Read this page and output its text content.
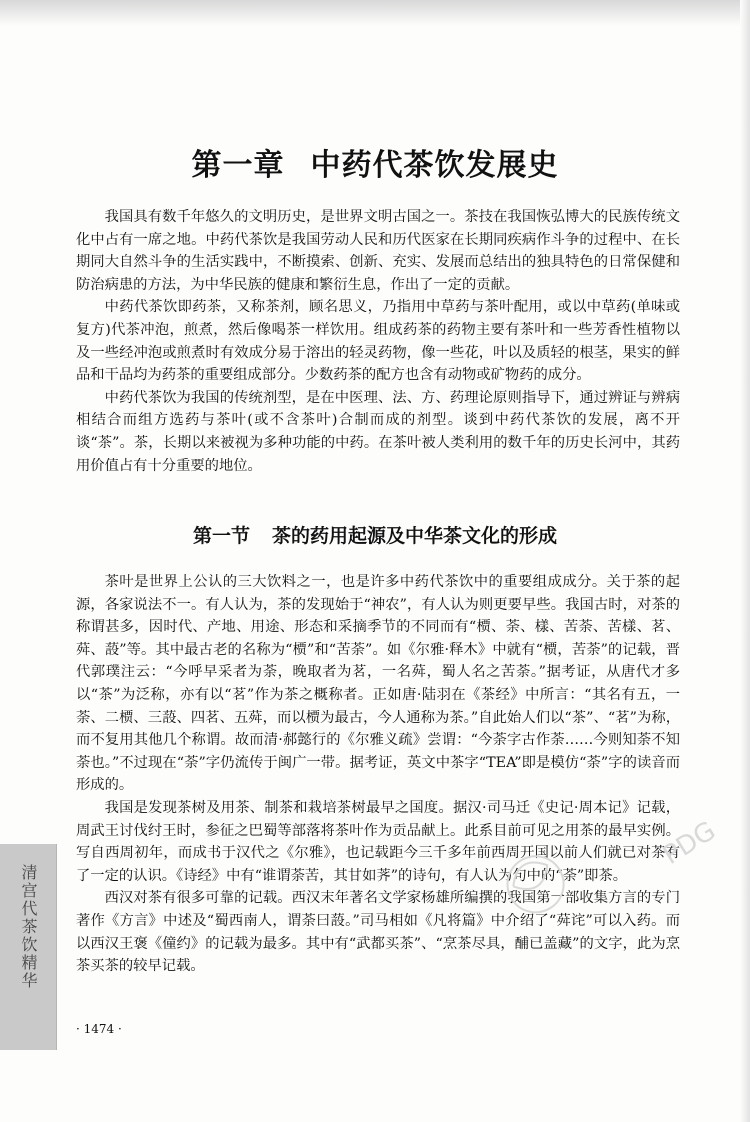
第一章 中药代茶饮发展史

我国具有数千年悠久的文明历史，是世界文明古国之一。茶技在我国恢弘博大的民族传统文化中占有一席之地。中药代茶饮是我国劳动人民和历代医家在长期同疾病作斗争的过程中、在长期同大自然斗争的生活实践中，不断摸索、创新、充实、发展而总结出的独具特色的日常保健和防治病患的方法，为中华民族的健康和繁衍生息，作出了一定的贡献。

中药代茶饮即药茶，又称茶剂，顾名思义，乃指用中草药与茶叶配用，或以中草药(单味或复方)代茶冲泡，煎煮，然后像喝茶一样饮用。组成药茶的药物主要有茶叶和一些芳香性植物以及一些经冲泡或煎煮时有效成分易于溶出的轻灵药物，像一些花，叶以及质轻的根茎，果实的鲜品和干品均为药茶的重要组成部分。少数药茶的配方也含有动物或矿物药的成分。

中药代茶饮为我国的传统剂型，是在中医理、法、方、药理论原则指导下，通过辨证与辨病相结合而组方选药与茶叶(或不含茶叶)合制而成的剂型。谈到中药代茶饮的发展，离不开谈“茶”。茶，长期以来被视为多种功能的中药。在茶叶被人类利用的数千年的历史长河中，其药用价值占有十分重要的地位。

第一节 茶的药用起源及中华茶文化的形成

茶叶是世界上公认的三大饮料之一，也是许多中药代茶饮中的重要组成成分。关于茶的起源，各家说法不一。有人认为，茶的发现始于“神农”，有人认为则更要早些。我国古时，对茶的称谓甚多，因时代、产地、用途、形态和采摘季节的不同而有“槚、荼、樣、苦荼、苦樣、茗、荈、蔎”等。其中最古老的名称为“槚”和“苦荼”。如《尔雅·释木》中就有“槚，苦荼”的记载，晋代郭璞注云：“今呼早采者为荼，晚取者为茗，一名荈，蜀人名之苦荼。”据考证，从唐代才多以“茶”为泛称，亦有以“茗”作为茶之概称者。正如唐·陆羽在《茶经》中所言：“其名有五，一荼、二槚、三蔎、四茗、五荈，而以槚为最古，今人通称为茶。”自此始人们以“茶”、“茗”为称，而不复用其他几个称谓。故而清·郝懿行的《尔雅义疏》尝谓：“今荼字古作荼……今则知荼不知荼也。”不过现在“荼”字仍流传于闽广一带。据考证，英文中茶字“TEA”即是模仿“荼”字的读音而形成的。

我国是发现茶树及用茶、制茶和栽培茶树最早之国度。据汉·司马迁《史记·周本记》记载，周武王讨伐纣王时，参征之巴蜀等部落将茶叶作为贡品献上。此系目前可见之用茶的最早实例。写自西周初年，而成书于汉代之《尔雅》，也记载距今三千多年前西周开国以前人们就已对茶有了一定的认识。《诗经》中有“谁谓荼苦，其甘如荠”的诗句，有人认为句中的“荼”即茶。

西汉对茶有很多可靠的记载。西汉末年著名文学家杨雄所编撰的我国第一部收集方言的专门著作《方言》中述及“蜀西南人，谓荼曰蔎。”司马相如《凡将篇》中介绍了“荈诧”可以入药。而以西汉王褒《僮约》的记载为最多。其中有“武都买茶”、“烹茶尽具，酺已盖藏”的文字，此为烹茶买茶的较早记载。

PDG
· 1474 ·
清宫代茶饮精华
